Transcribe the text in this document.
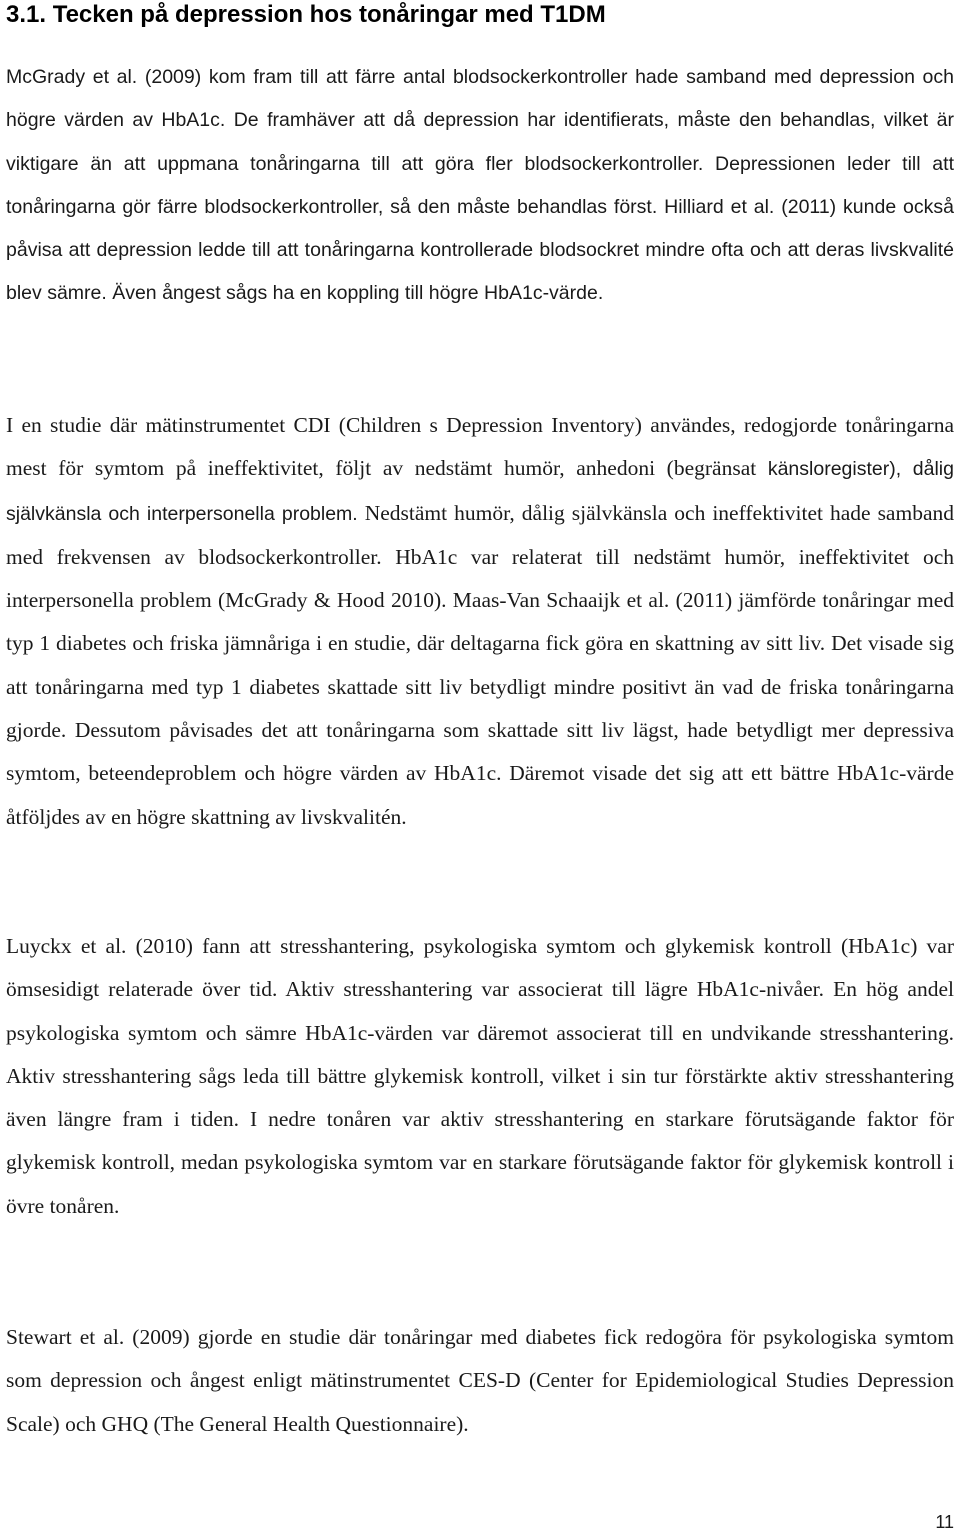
3.1. Tecken på depression hos tonåringar med T1DM

McGrady et al. (2009) kom fram till att färre antal blodsockerkontroller hade samband med depression och högre värden av HbA1c. De framhäver att då depression har identifierats, måste den behandlas, vilket är viktigare än att uppmana tonåringarna till att göra fler blodsockerkontroller. Depressionen leder till att tonåringarna gör färre blodsockerkontroller, så den måste behandlas först. Hilliard et al. (2011) kunde också påvisa att depression ledde till att tonåringarna kontrollerade blodsockret mindre ofta och att deras livskvalité blev sämre. Även ångest sågs ha en koppling till högre HbA1c-värde.

I en studie där mätinstrumentet CDI (Children s Depression Inventory) användes, redogjorde tonåringarna mest för symtom på ineffektivitet, följt av nedstämt humör, anhedoni (begränsat känsloregister), dålig självkänsla och interpersonella problem. Nedstämt humör, dålig självkänsla och ineffektivitet hade samband med frekvensen av blodsockerkontroller. HbA1c var relaterat till nedstämt humör, ineffektivitet och interpersonella problem (McGrady & Hood 2010). Maas-Van Schaaijk et al. (2011) jämförde tonåringar med typ 1 diabetes och friska jämnåriga i en studie, där deltagarna fick göra en skattning av sitt liv. Det visade sig att tonåringarna med typ 1 diabetes skattade sitt liv betydligt mindre positivt än vad de friska tonåringarna gjorde. Dessutom påvisades det att tonåringarna som skattade sitt liv lägst, hade betydligt mer depressiva symtom, beteendeproblem och högre värden av HbA1c. Däremot visade det sig att ett bättre HbA1c-värde åtföljdes av en högre skattning av livskvalitén.

Luyckx et al. (2010) fann att stresshantering, psykologiska symtom och glykemisk kontroll (HbA1c) var ömsesidigt relaterade över tid. Aktiv stresshantering var associerat till lägre HbA1c-nivåer. En hög andel psykologiska symtom och sämre HbA1c-värden var däremot associerat till en undvikande stresshantering. Aktiv stresshantering sågs leda till bättre glykemisk kontroll, vilket i sin tur förstärkte aktiv stresshantering även längre fram i tiden. I nedre tonåren var aktiv stresshantering en starkare förutsägande faktor för glykemisk kontroll, medan psykologiska symtom var en starkare förutsägande faktor för glykemisk kontroll i övre tonåren.

Stewart et al. (2009) gjorde en studie där tonåringar med diabetes fick redogöra för psykologiska symtom som depression och ångest enligt mätinstrumentet CES-D (Center for Epidemiological Studies Depression Scale) och GHQ (The General Health Questionnaire).

11
